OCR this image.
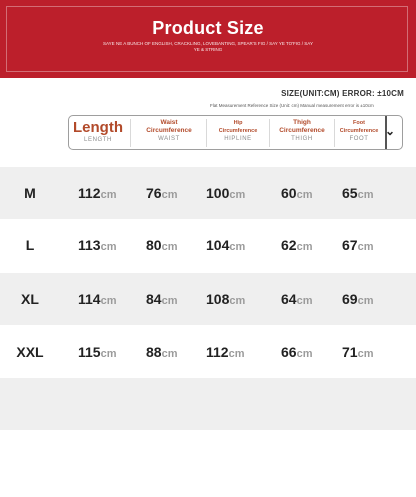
Product Size
SAYE NE A BUNCH OF ENGLISH, CRACKLING, LOVEBANTING, SPEAR'S FIG / SAY YE TO'FIG / SAY YE & STRING
SIZE(UNIT:CM) ERROR: ±10CM
Flat Measurement Reference Size (Unit: cm) Manual measurement error is ±10cm
Length
LENGTH
Waist Circumference
WAIST
Hip Circumference
HIPLINE
Thigh Circumference
THIGH
Foot Circumference
FOOT
⌄
M	112cm 76cm 100cm	60cm 65cm
L	113cm 80cm 104cm	62cm 67cm
XL	114cm 84cm 108cm	64cm 69cm
XXL	115cm 88cm 112cm	66cm 71cm
